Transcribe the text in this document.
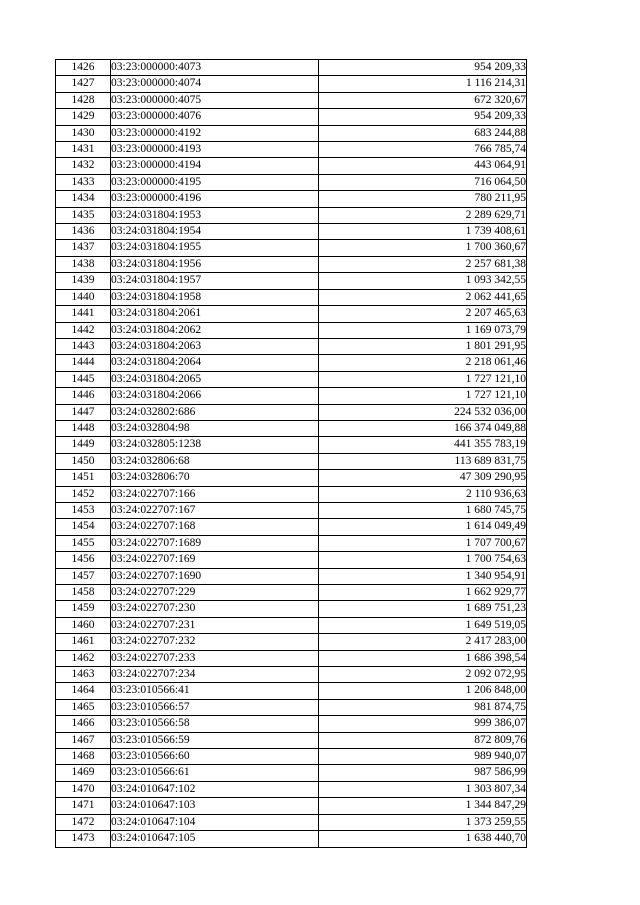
1426	03:23:000000:4073	954 209,33
1427	03:23:000000:4074	1 116 214,31
1428	03:23:000000:4075	672 320,67
1429	03:23:000000:4076	954 209,33
1430	03:23:000000:4192	683 244,88
1431	03:23:000000:4193	766 785,74
1432	03:23:000000:4194	443 064,91
1433	03:23:000000:4195	716 064,50
1434	03:23:000000:4196	780 211,95
1435	03:24:031804:1953	2 289 629,71
1436	03:24:031804:1954	1 739 408,61
1437	03:24:031804:1955	1 700 360,67
1438	03:24:031804:1956	2 257 681,38
1439	03:24:031804:1957	1 093 342,55
1440	03:24:031804:1958	2 062 441,65
1441	03:24:031804:2061	2 207 465,63
1442	03:24:031804:2062	1 169 073,79
1443	03:24:031804:2063	1 801 291,95
1444	03:24:031804:2064	2 218 061,46
1445	03:24:031804:2065	1 727 121,10
1446	03:24:031804:2066	1 727 121,10
1447	03:24:032802:686	224 532 036,00
1448	03:24:032804:98	166 374 049,88
1449	03:24:032805:1238	441 355 783,19
1450	03:24:032806:68	113 689 831,75
1451	03:24:032806:70	47 309 290,95
1452	03:24:022707:166	2 110 936,63
1453	03:24:022707:167	1 680 745,75
1454	03:24:022707:168	1 614 049,49
1455	03:24:022707:1689	1 707 700,67
1456	03:24:022707:169	1 700 754,63
1457	03:24:022707:1690	1 340 954,91
1458	03:24:022707:229	1 662 929,77
1459	03:24:022707:230	1 689 751,23
1460	03:24:022707:231	1 649 519,05
1461	03:24:022707:232	2 417 283,00
1462	03:24:022707:233	1 686 398,54
1463	03:24:022707:234	2 092 072,95
1464	03:23:010566:41	1 206 848,00
1465	03:23:010566:57	981 874,75
1466	03:23:010566:58	999 386,07
1467	03:23:010566:59	872 809,76
1468	03:23:010566:60	989 940,07
1469	03:23:010566:61	987 586,99
1470	03:24:010647:102	1 303 807,34
1471	03:24:010647:103	1 344 847,29
1472	03:24:010647:104	1 373 259,55
1473	03:24:010647:105	1 638 440,70
